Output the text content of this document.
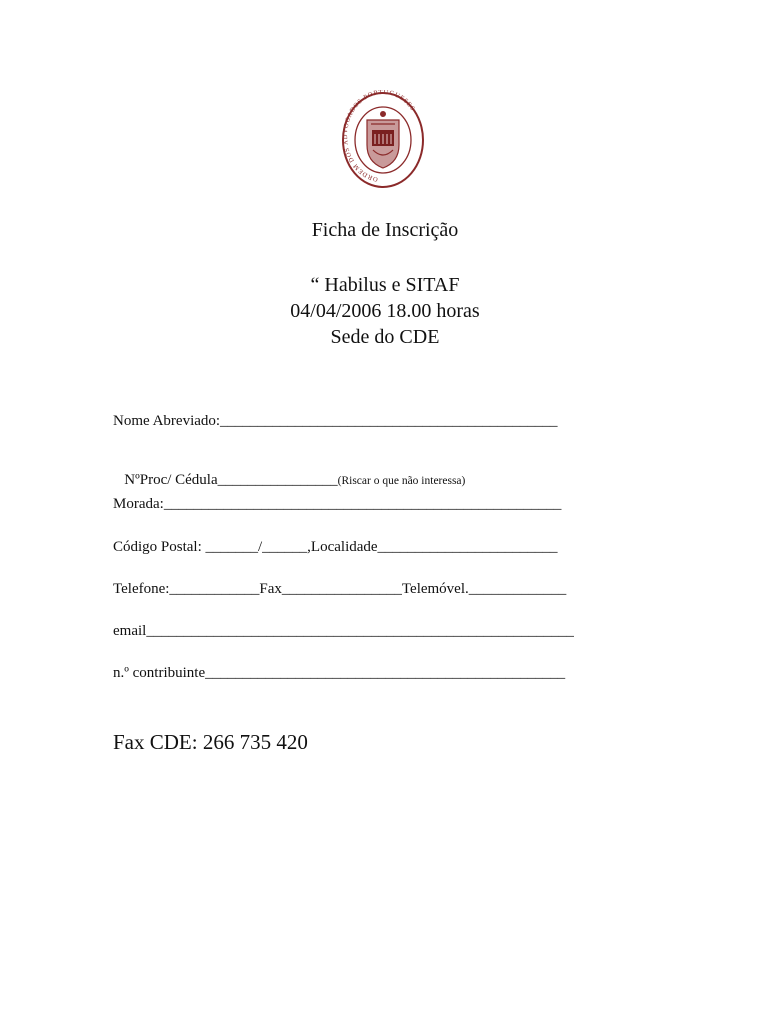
ORDEM DOS ADVOGADOS PORTUGUESES
Ficha de Inscrição
“ Habilus e SITAF
04/04/2006 18.00 horas
Sede do CDE
Nome Abreviado:_____________________________________________

NºProc/ Cédula________________(Riscar o que não interessa)

Morada:_____________________________________________________
Código Postal: _______/______,Localidade________________________
Telefone:____________Fax________________Telemóvel._____________
email_________________________________________________________
n.º contribuinte________________________________________________
Fax CDE: 266 735 420
